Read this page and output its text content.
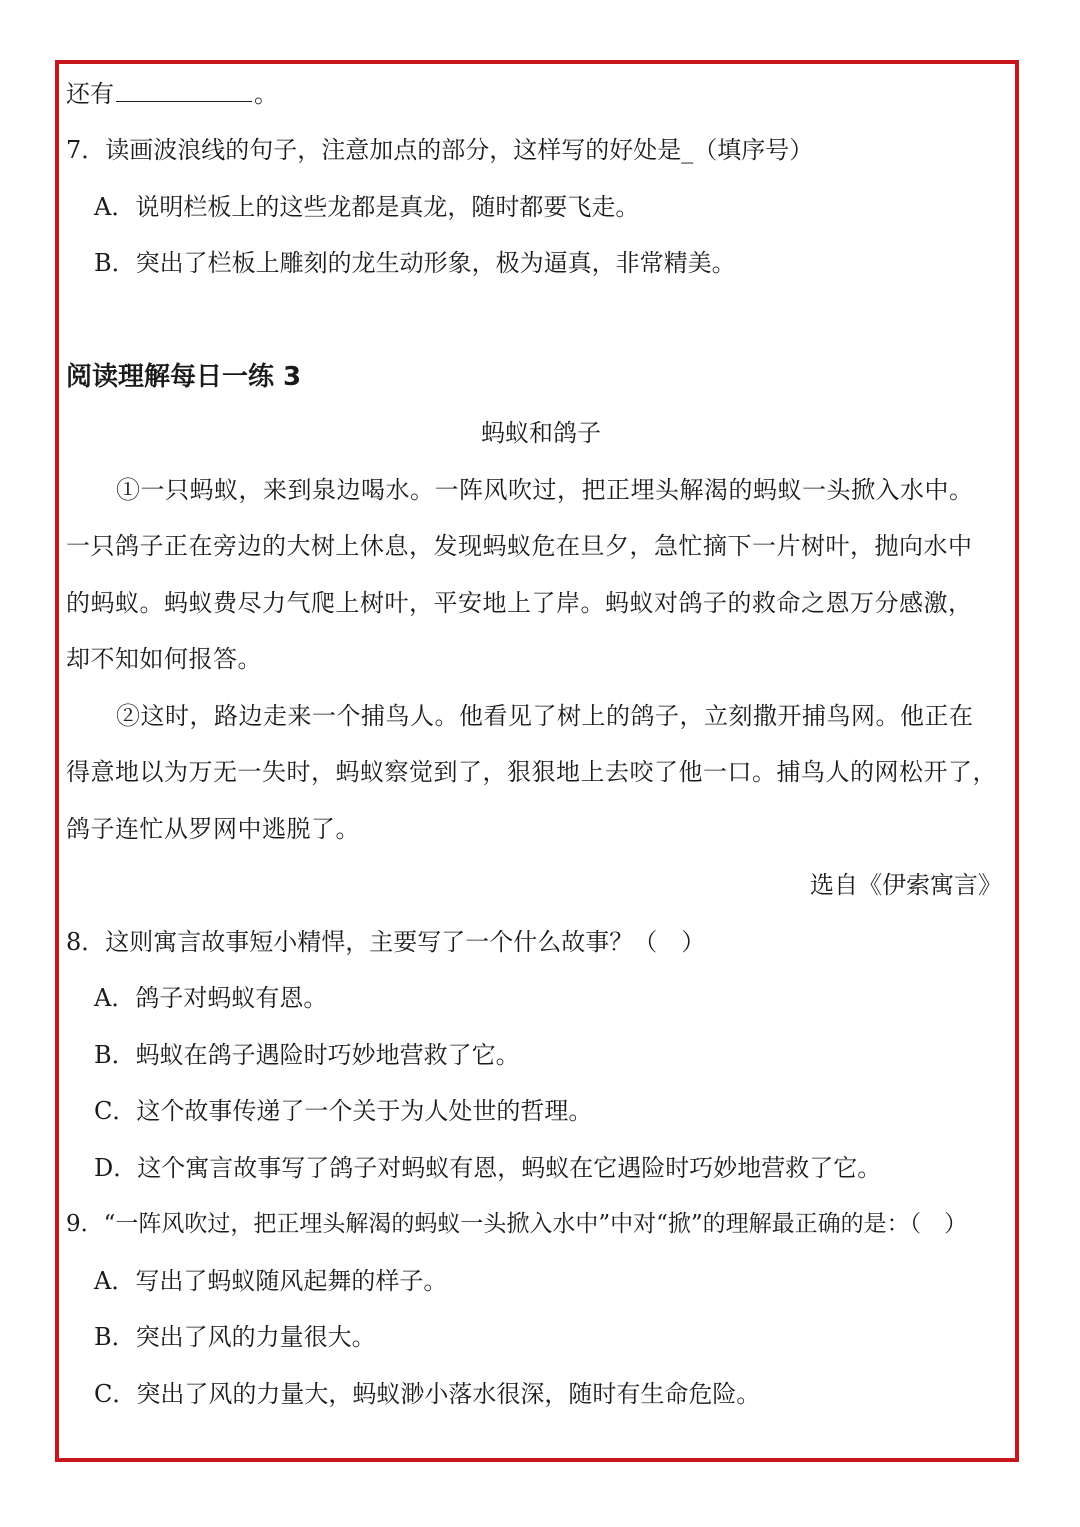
还有	。
7．读画波浪线的句子，注意加点的部分，这样写的好处是_（填序号）
A．说明栏板上的这些龙都是真龙，随时都要飞走。
B．突出了栏板上雕刻的龙生动形象，极为逼真，非常精美。
阅读理解每日一练 3
蚂蚁和鸽子
①一只蚂蚁，来到泉边喝水。一阵风吹过，把正埋头解渴的蚂蚁一头掀入水中。
一只鸽子正在旁边的大树上休息，发现蚂蚁危在旦夕，急忙摘下一片树叶，抛向水中
的蚂蚁。蚂蚁费尽力气爬上树叶，平安地上了岸。蚂蚁对鸽子的救命之恩万分感激，
却不知如何报答。
②这时，路边走来一个捕鸟人。他看见了树上的鸽子，立刻撒开捕鸟网。他正在
得意地以为万无一失时，蚂蚁察觉到了，狠狠地上去咬了他一口。捕鸟人的网松开了，
鸽子连忙从罗网中逃脱了。
选自《伊索寓言》
8．这则寓言故事短小精悍，主要写了一个什么故事？（　）
A．鸽子对蚂蚁有恩。
B．蚂蚁在鸽子遇险时巧妙地营救了它。
C．这个故事传递了一个关于为人处世的哲理。
D．这个寓言故事写了鸽子对蚂蚁有恩，蚂蚁在它遇险时巧妙地营救了它。
9．“一阵风吹过，把正埋头解渴的蚂蚁一头掀入水中”中对“掀”的理解最正确的是：（　）
A．写出了蚂蚁随风起舞的样子。
B．突出了风的力量很大。
C．突出了风的力量大，蚂蚁渺小落水很深，随时有生命危险。
